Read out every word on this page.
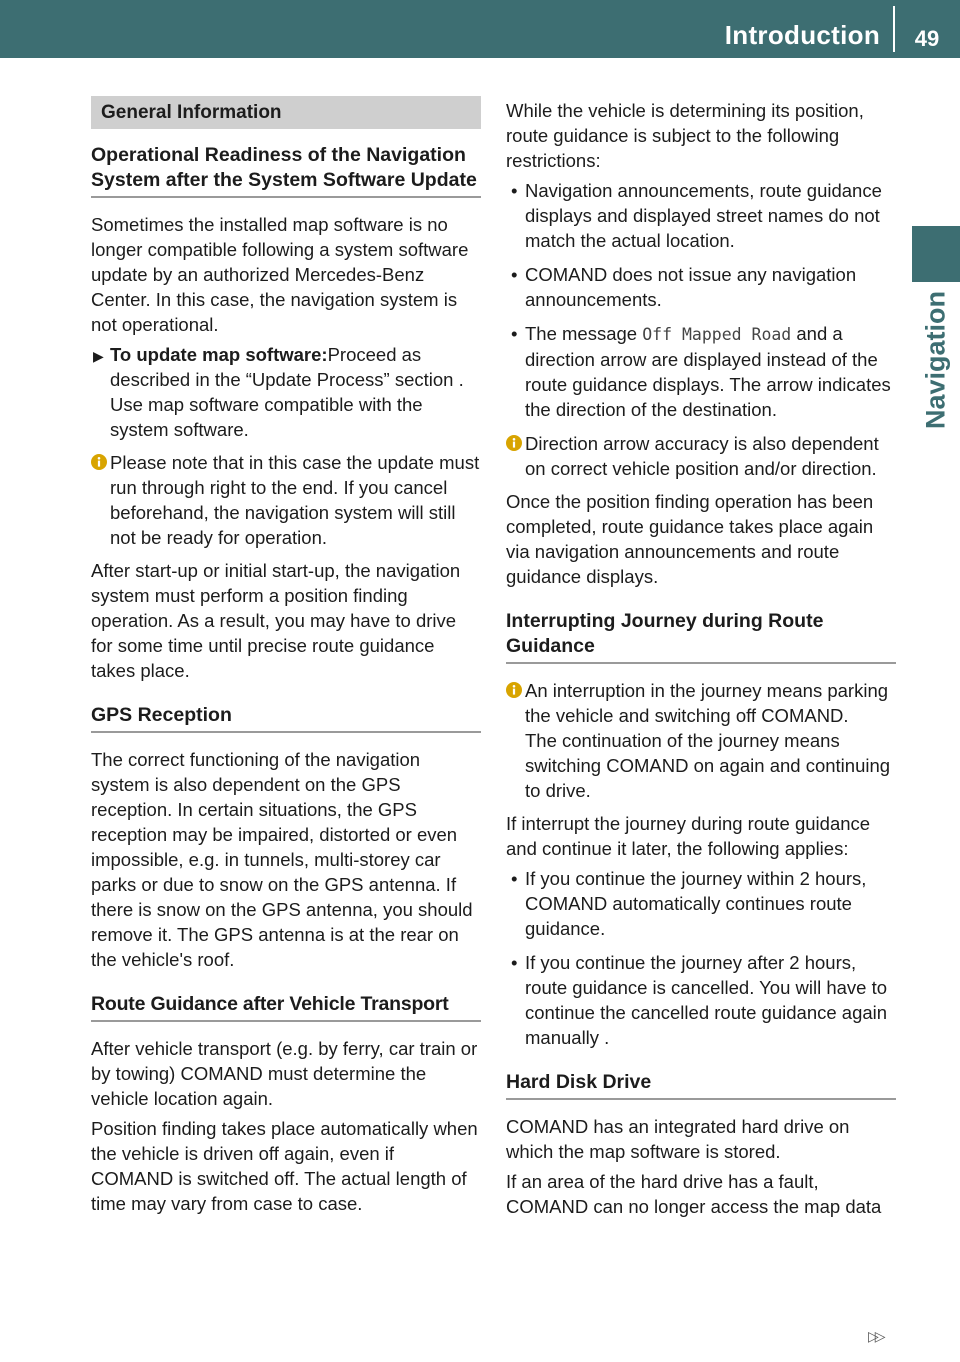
Introduction	49
Navigation
General Information
Operational Readiness of the Navigation System after the System Software Update

Sometimes the installed map software is no longer compatible following a system software update by an authorized Mercedes-Benz Center. In this case, the navigation system is not operational.

▶ To update map software:Proceed as described in the “Update Process” section . Use map software compatible with the system software.
Please note that in this case the update must run through right to the end. If you cancel beforehand, the navigation system will still not be ready for operation.

After start-up or initial start-up, the navigation system must perform a position finding operation. As a result, you may have to drive for some time until precise route guidance takes place.

GPS Reception

The correct functioning of the navigation system is also dependent on the GPS reception. In certain situations, the GPS reception may be impaired, distorted or even impossible, e.g. in tunnels, multi-storey car parks or due to snow on the GPS antenna. If there is snow on the GPS antenna, you should remove it. The GPS antenna is at the rear on the vehicle's roof.

Route Guidance after Vehicle Transport

After vehicle transport (e.g. by ferry, car train or by towing) COMAND must determine the vehicle location again.

Position finding takes place automatically when the vehicle is driven off again, even if COMAND is switched off. The actual length of time may vary from case to case.

While the vehicle is determining its position, route guidance is subject to the following restrictions:

• Navigation announcements, route guidance displays and displayed street names do not match the actual location.
• COMAND does not issue any navigation announcements.
• The message Off Mapped Road and a direction arrow are displayed instead of the route guidance displays. The arrow indicates the direction of the destination.
Direction arrow accuracy is also dependent on correct vehicle position and/or direction.

Once the position finding operation has been completed, route guidance takes place again via navigation announcements and route guidance displays.

Interrupting Journey during Route Guidance
An interruption in the journey means parking the vehicle and switching off COMAND.
The continuation of the journey means switching COMAND on again and continuing to drive.

If interrupt the journey during route guidance and continue it later, the following applies:

• If you continue the journey within 2 hours, COMAND automatically continues route guidance.
• If you continue the journey after 2 hours, route guidance is cancelled. You will have to continue the cancelled route guidance again manually .
Hard Disk Drive

COMAND has an integrated hard drive on which the map software is stored.

If an area of the hard drive has a fault, COMAND can no longer access the map data

▷▷
